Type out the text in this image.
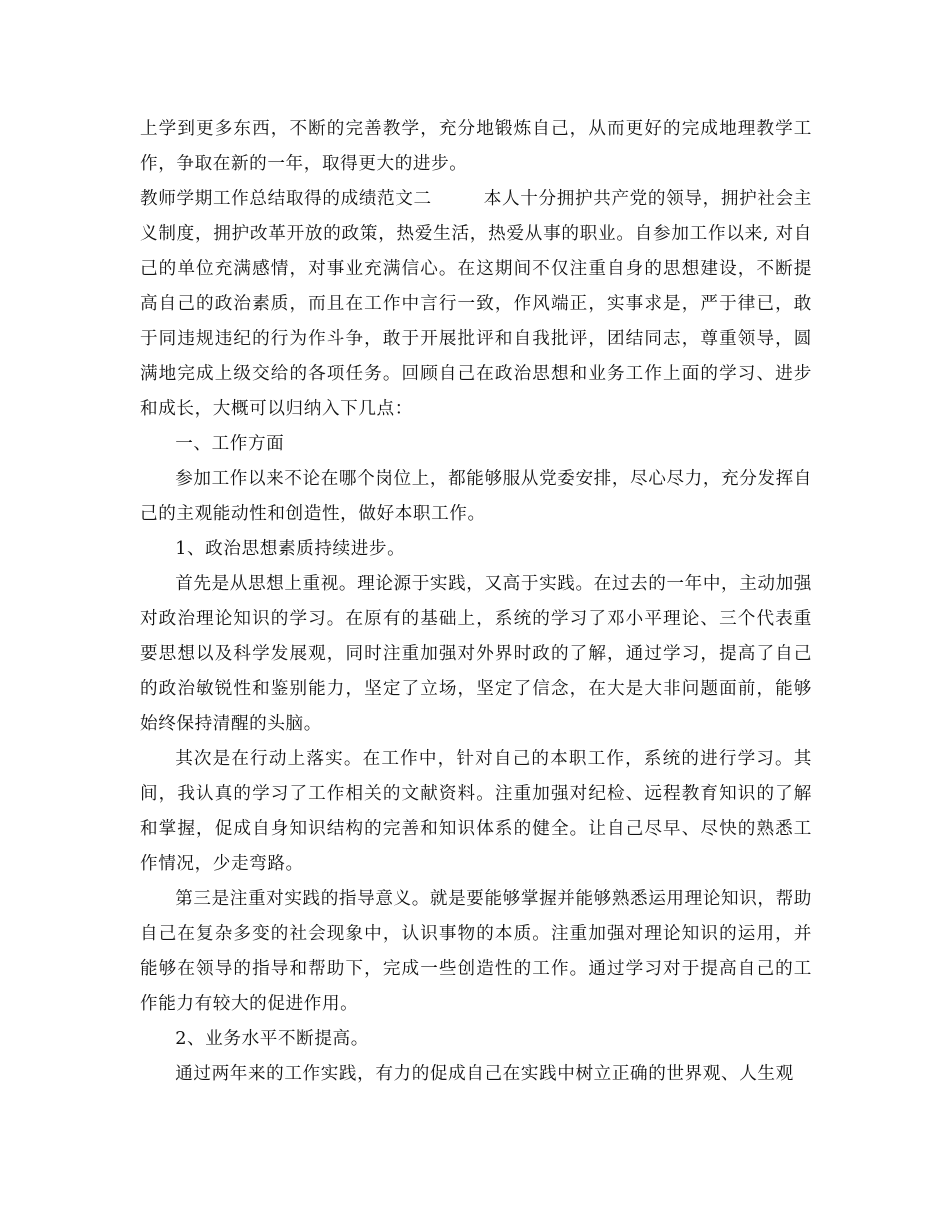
上学到更多东西，不断的完善教学，充分地锻炼自己，从而更好的完成地理教学工作，争取在新的一年，取得更大的进步。

教师学期工作总结取得的成绩范文二	本人十分拥护共产党的领导，拥护社会主义制度，拥护改革开放的政策，热爱生活，热爱从事的职业。自参加工作以来, 对自己的单位充满感情，对事业充满信心。在这期间不仅注重自身的思想建设，不断提高自己的政治素质，而且在工作中言行一致，作风端正，实事求是，严于律已，敢于同违规违纪的行为作斗争，敢于开展批评和自我批评，团结同志，尊重领导，圆满地完成上级交给的各项任务。回顾自己在政治思想和业务工作上面的学习、进步和成长，大概可以归纳入下几点：

一、工作方面

参加工作以来不论在哪个岗位上，都能够服从党委安排，尽心尽力，充分发挥自己的主观能动性和创造性，做好本职工作。

1、政治思想素质持续进步。

首先是从思想上重视。理论源于实践，又高于实践。在过去的一年中，主动加强对政治理论知识的学习。在原有的基础上，系统的学习了邓小平理论、三个代表重要思想以及科学发展观，同时注重加强对外界时政的了解，通过学习，提高了自己的政治敏锐性和鉴别能力，坚定了立场，坚定了信念，在大是大非问题面前，能够始终保持清醒的头脑。

其次是在行动上落实。在工作中，针对自己的本职工作，系统的进行学习。其间，我认真的学习了工作相关的文献资料。注重加强对纪检、远程教育知识的了解和掌握，促成自身知识结构的完善和知识体系的健全。让自己尽早、尽快的熟悉工作情况，少走弯路。

第三是注重对实践的指导意义。就是要能够掌握并能够熟悉运用理论知识，帮助自己在复杂多变的社会现象中，认识事物的本质。注重加强对理论知识的运用，并能够在领导的指导和帮助下，完成一些创造性的工作。通过学习对于提高自己的工作能力有较大的促进作用。

2、业务水平不断提高。

通过两年来的工作实践，有力的促成自己在实践中树立正确的世界观、人生观
